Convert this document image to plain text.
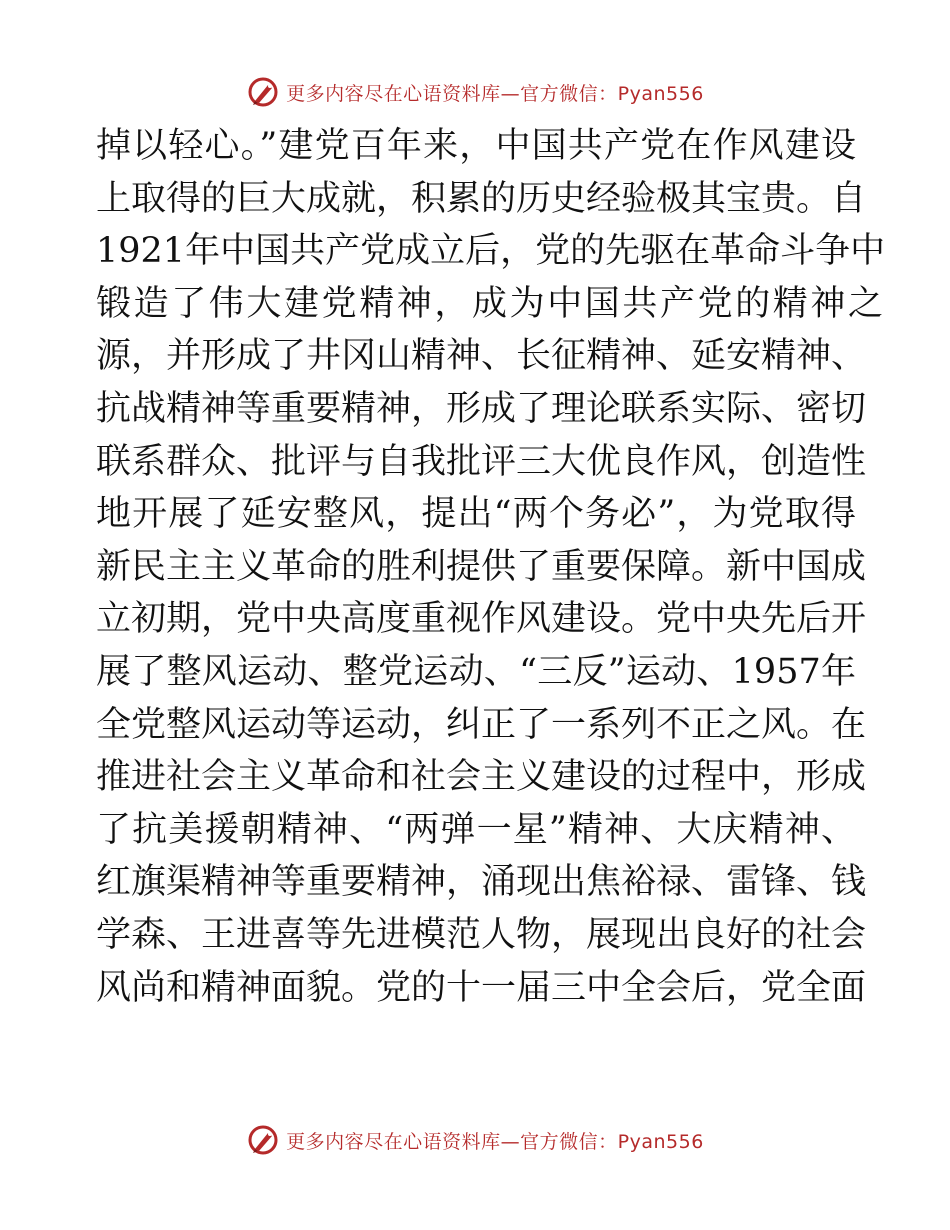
更多内容尽在心语资料库—官方微信：Pyan556
掉以轻心。”建党百年来，中国共产党在作风建设
上取得的巨大成就，积累的历史经验极其宝贵。自
1921年中国共产党成立后，党的先驱在革命斗争中
锻造了伟大建党精神，成为中国共产党的精神之
源，并形成了井冈山精神、长征精神、延安精神、
抗战精神等重要精神，形成了理论联系实际、密切
联系群众、批评与自我批评三大优良作风，创造性
地开展了延安整风，提出“两个务必”，为党取得
新民主主义革命的胜利提供了重要保障。新中国成
立初期，党中央高度重视作风建设。党中央先后开
展了整风运动、整党运动、“三反”运动、1957年
全党整风运动等运动，纠正了一系列不正之风。在
推进社会主义革命和社会主义建设的过程中，形成
了抗美援朝精神、“两弹一星”精神、大庆精神、
红旗渠精神等重要精神，涌现出焦裕禄、雷锋、钱
学森、王进喜等先进模范人物，展现出良好的社会
风尚和精神面貌。党的十一届三中全会后，党全面
更多内容尽在心语资料库—官方微信：Pyan556
